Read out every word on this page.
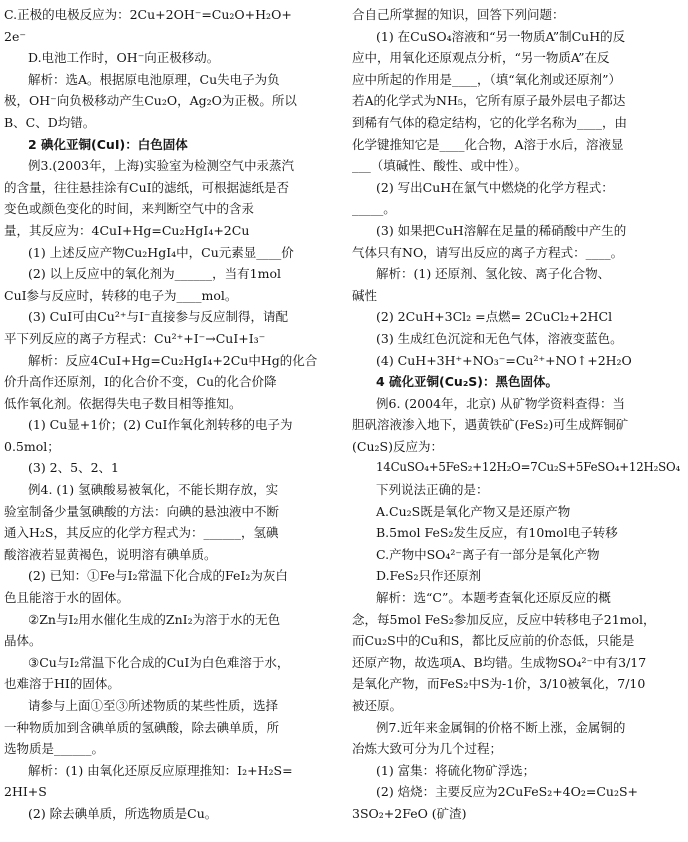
C.正极的电极反应为：2Cu+2OH⁻=Cu₂O+H₂O+
2e⁻
D.电池工作时，OH⁻向正极移动。
解析：选A。根据原电池原理，Cu失电子为负
极，OH⁻向负极移动产生Cu₂O，Ag₂O为正极。所以
B、C、D均错。
2 碘化亚铜(CuI)：白色固体
例3.(2003年，上海)实验室为检测空气中汞蒸汽
的含量，往往悬挂涂有CuI的滤纸，可根据滤纸是否
变色或颜色变化的时间，来判断空气中的含汞
量，其反应为：4CuI+Hg=Cu₂HgI₄+2Cu
(1) 上述反应产物Cu₂HgI₄中，Cu元素显____价
(2) 以上反应中的氧化剂为______，当有1mol
CuI参与反应时，转移的电子为____mol。
(3) CuI可由Cu²⁺与I⁻直接参与反应制得，请配
平下列反应的离子方程式：Cu²⁺+I⁻→CuI+I₃⁻
解析：反应4CuI+Hg=Cu₂HgI₄+2Cu中Hg的化合
价升高作还原剂，I的化合价不变，Cu的化合价降
低作氧化剂。依据得失电子数目相等推知。
(1) Cu显+1价；(2) CuI作氧化剂转移的电子为
0.5mol；
(3) 2、5、2、1
例4. (1) 氢碘酸易被氧化，不能长期存放，实
验室制备少量氢碘酸的方法：向碘的悬浊液中不断
通入H₂S，其反应的化学方程式为：______，氢碘
酸溶液若显黄褐色，说明溶有碘单质。
(2) 已知：①Fe与I₂常温下化合成的FeI₂为灰白
色且能溶于水的固体。
②Zn与I₂用水催化生成的ZnI₂为溶于水的无色
晶体。
③Cu与I₂常温下化合成的CuI为白色难溶于水，
也难溶于HI的固体。
请参与上面①至③所述物质的某些性质，选择
一种物质加到含碘单质的氢碘酸，除去碘单质，所
选物质是______。
解析：(1) 由氧化还原反应原理推知：I₂+H₂S=
2HI+S
(2) 除去碘单质，所选物质是Cu。
合自己所掌握的知识，回答下列问题：
(1) 在CuSO₄溶液和“另一物质A”制CuH的反
应中，用氧化还原观点分析，“另一物质A”在反
应中所起的作用是____，（填“氧化剂或还原剂”）
若A的化学式为NH₅，它所有原子最外层电子都达
到稀有气体的稳定结构，它的化学名称为____，由
化学键推知它是____化合物，A溶于水后，溶液显
___（填碱性、酸性、或中性）。
(2) 写出CuH在氯气中燃烧的化学方程式：
_____。
(3) 如果把CuH溶解在足量的稀硝酸中产生的
气体只有NO，请写出反应的离子方程式：____。
解析：(1) 还原剂、氢化铵、离子化合物、
碱性
(2) 2CuH+3Cl₂ =点燃= 2CuCl₂+2HCl
(3) 生成红色沉淀和无色气体，溶液变蓝色。
(4) CuH+3H⁺+NO₃⁻=Cu²⁺+NO↑+2H₂O
4 硫化亚铜(Cu₂S)：黑色固体。
例6. (2004年，北京) 从矿物学资料查得：当
胆矾溶液渗入地下，遇黄铁矿(FeS₂)可生成辉铜矿
(Cu₂S)反应为：
14CuSO₄+5FeS₂+12H₂O=7Cu₂S+5FeSO₄+12H₂SO₄
下列说法正确的是：
A.Cu₂S既是氧化产物又是还原产物
B.5mol FeS₂发生反应，有10mol电子转移
C.产物中SO₄²⁻离子有一部分是氧化产物
D.FeS₂只作还原剂
解析：选“C”。本题考查氧化还原反应的概
念，每5mol FeS₂参加反应，反应中转移电子21mol，
而Cu₂S中的Cu和S，都比反应前的价态低，只能是
还原产物，故选项A、B均错。生成物SO₄²⁻中有3/17
是氧化产物，而FeS₂中S为-1价，3/10被氧化，7/10
被还原。
例7.近年来金属铜的价格不断上涨，金属铜的
冶炼大致可分为几个过程；
(1) 富集：将硫化物矿浮选；
(2) 焙烧：主要反应为2CuFeS₂+4O₂=Cu₂S+
3SO₂+2FeO (矿渣)
